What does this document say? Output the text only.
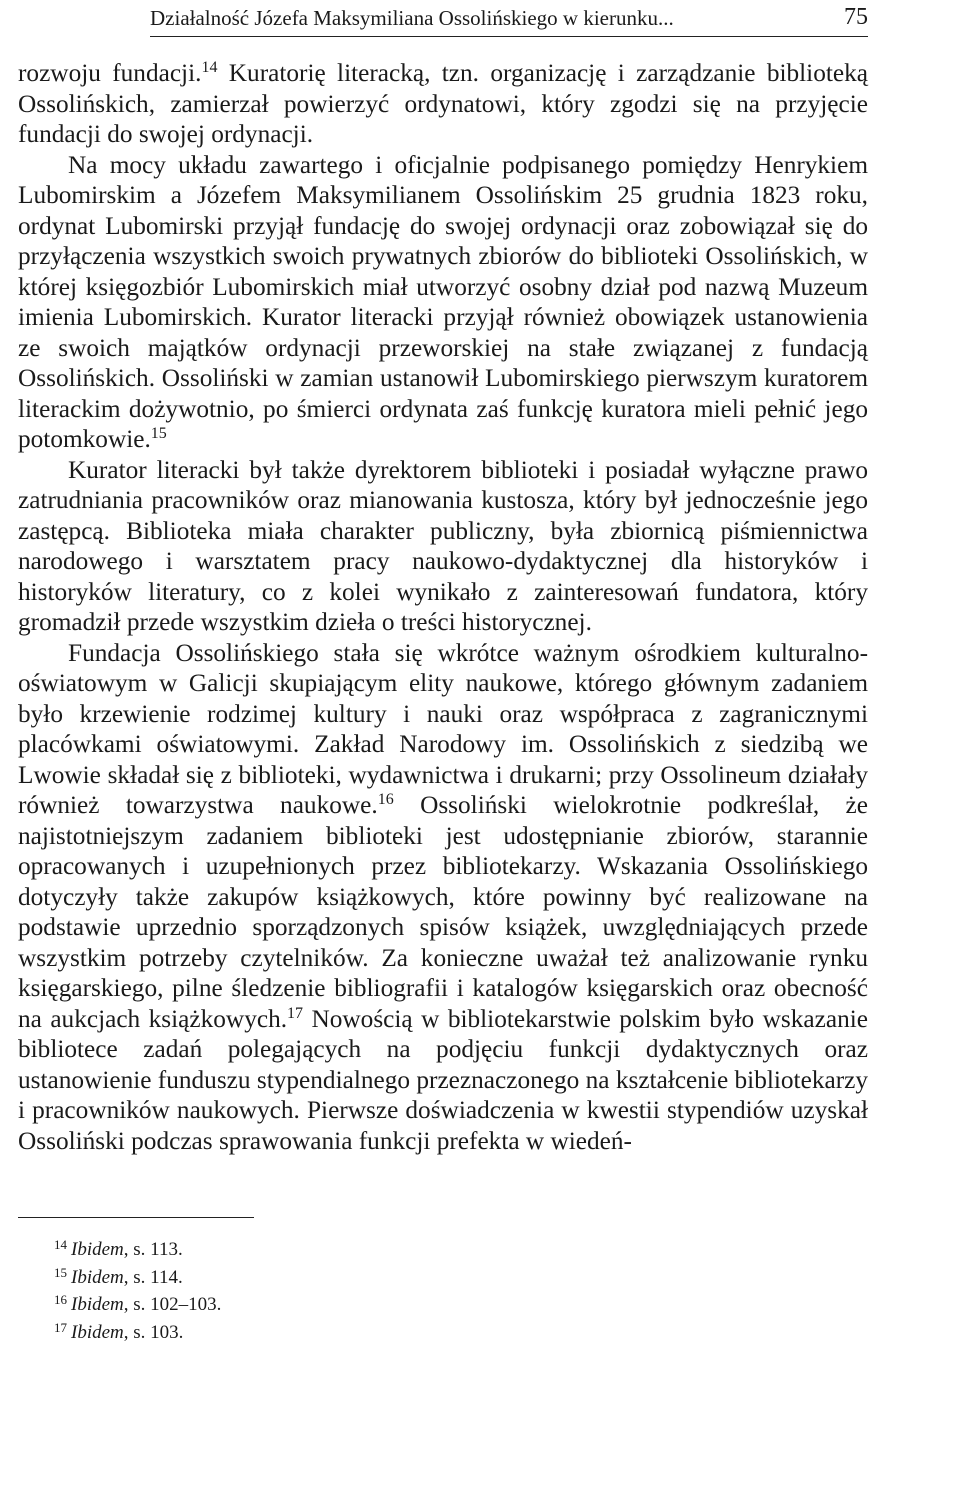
Działalność Józefa Maksymiliana Ossolińskiego w kierunku...	75

rozwoju fundacji.$^{14}$ Kuratorię literacką, tzn. organizację i zarządzanie biblioteką Ossolińskich, zamierzał powierzyć ordynatowi, który zgodzi się na przyjęcie fundacji do swojej ordynacji.

Na mocy układu zawartego i oficjalnie podpisanego pomiędzy Henrykiem Lubomirskim a Józefem Maksymilianem Ossolińskim 25 grudnia 1823 roku, ordynat Lubomirski przyjął fundację do swojej ordynacji oraz zobowiązał się do przyłączenia wszystkich swoich prywatnych zbiorów do biblioteki Ossolińskich, w której księgozbiór Lubomirskich miał utworzyć osobny dział pod nazwą Muzeum imienia Lubomirskich. Kurator literacki przyjął również obowiązek ustanowienia ze swoich majątków ordynacji przeworskiej na stałe związanej z fundacją Ossolińskich. Ossoliński w zamian ustanowił Lubomirskiego pierwszym kuratorem literackim dożywotnio, po śmierci ordynata zaś funkcję kuratora mieli pełnić jego potomkowie.$^{15}$

Kurator literacki był także dyrektorem biblioteki i posiadał wyłączne prawo zatrudniania pracowników oraz mianowania kustosza, który był jednocześnie jego zastępcą. Biblioteka miała charakter publiczny, była zbiornicą piśmiennictwa narodowego i warsztatem pracy naukowo-dydaktycznej dla historyków i historyków literatury, co z kolei wynikało z zainteresowań fundatora, który gromadził przede wszystkim dzieła o treści historycznej.

Fundacja Ossolińskiego stała się wkrótce ważnym ośrodkiem kulturalno-oświatowym w Galicji skupiającym elity naukowe, którego głównym zadaniem było krzewienie rodzimej kultury i nauki oraz współpraca z zagranicznymi placówkami oświatowymi. Zakład Narodowy im. Ossolińskich z siedzibą we Lwowie składał się z biblioteki, wydawnictwa i drukarni; przy Ossolineum działały również towarzystwa naukowe.$^{16}$ Ossoliński wielokrotnie podkreślał, że najistotniejszym zadaniem biblioteki jest udostępnianie zbiorów, starannie opracowanych i uzupełnionych przez bibliotekarzy. Wskazania Ossolińskiego dotyczyły także zakupów książkowych, które powinny być realizowane na podstawie uprzednio sporządzonych spisów książek, uwzględniających przede wszystkim potrzeby czytelników. Za konieczne uważał też analizowanie rynku księgarskiego, pilne śledzenie bibliografii i katalogów księgarskich oraz obecność na aukcjach książkowych.$^{17}$ Nowością w bibliotekarstwie polskim było wskazanie bibliotece zadań polegających na podjęciu funkcji dydaktycznych oraz ustanowienie funduszu stypendialnego przeznaczonego na kształcenie bibliotekarzy i pracowników naukowych. Pierwsze doświadczenia w kwestii stypendiów uzyskał Ossoliński podczas sprawowania funkcji prefekta w wiedeń-

$^{14}$ Ibidem, s. 113.
$^{15}$ Ibidem, s. 114.
$^{16}$ Ibidem, s. 102–103.
$^{17}$ Ibidem, s. 103.
